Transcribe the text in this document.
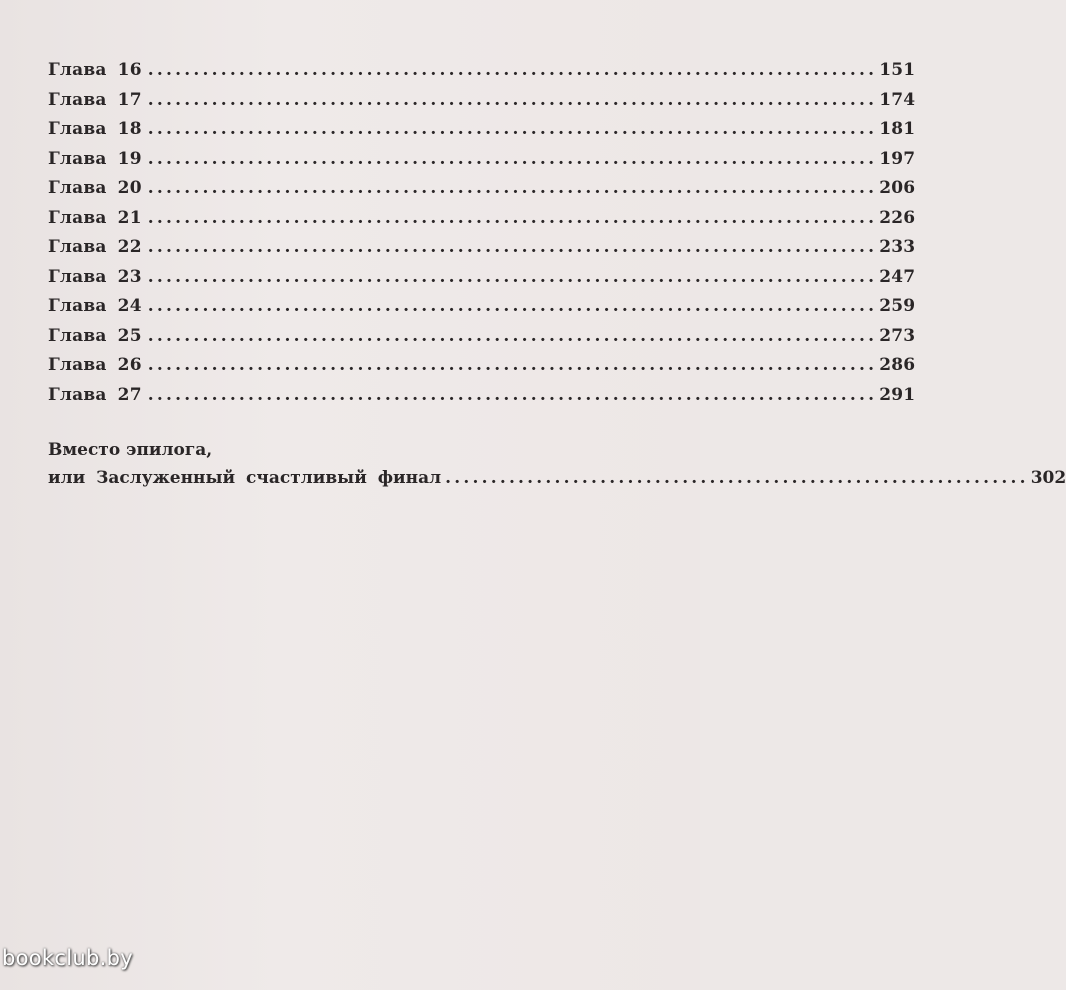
Глава 16 ................................................................................ 151
Глава 17 ................................................................................ 174
Глава 18 ................................................................................ 181
Глава 19 ................................................................................ 197
Глава 20 ................................................................................ 206
Глава 21 ................................................................................ 226
Глава 22 ................................................................................ 233
Глава 23 ................................................................................ 247
Глава 24 ................................................................................ 259
Глава 25 ................................................................................ 273
Глава 26 ................................................................................ 286
Глава 27 ................................................................................ 291
Вместо эпилога,
или Заслуженный счастливый финал ................................................................ 302
bookclub.by
